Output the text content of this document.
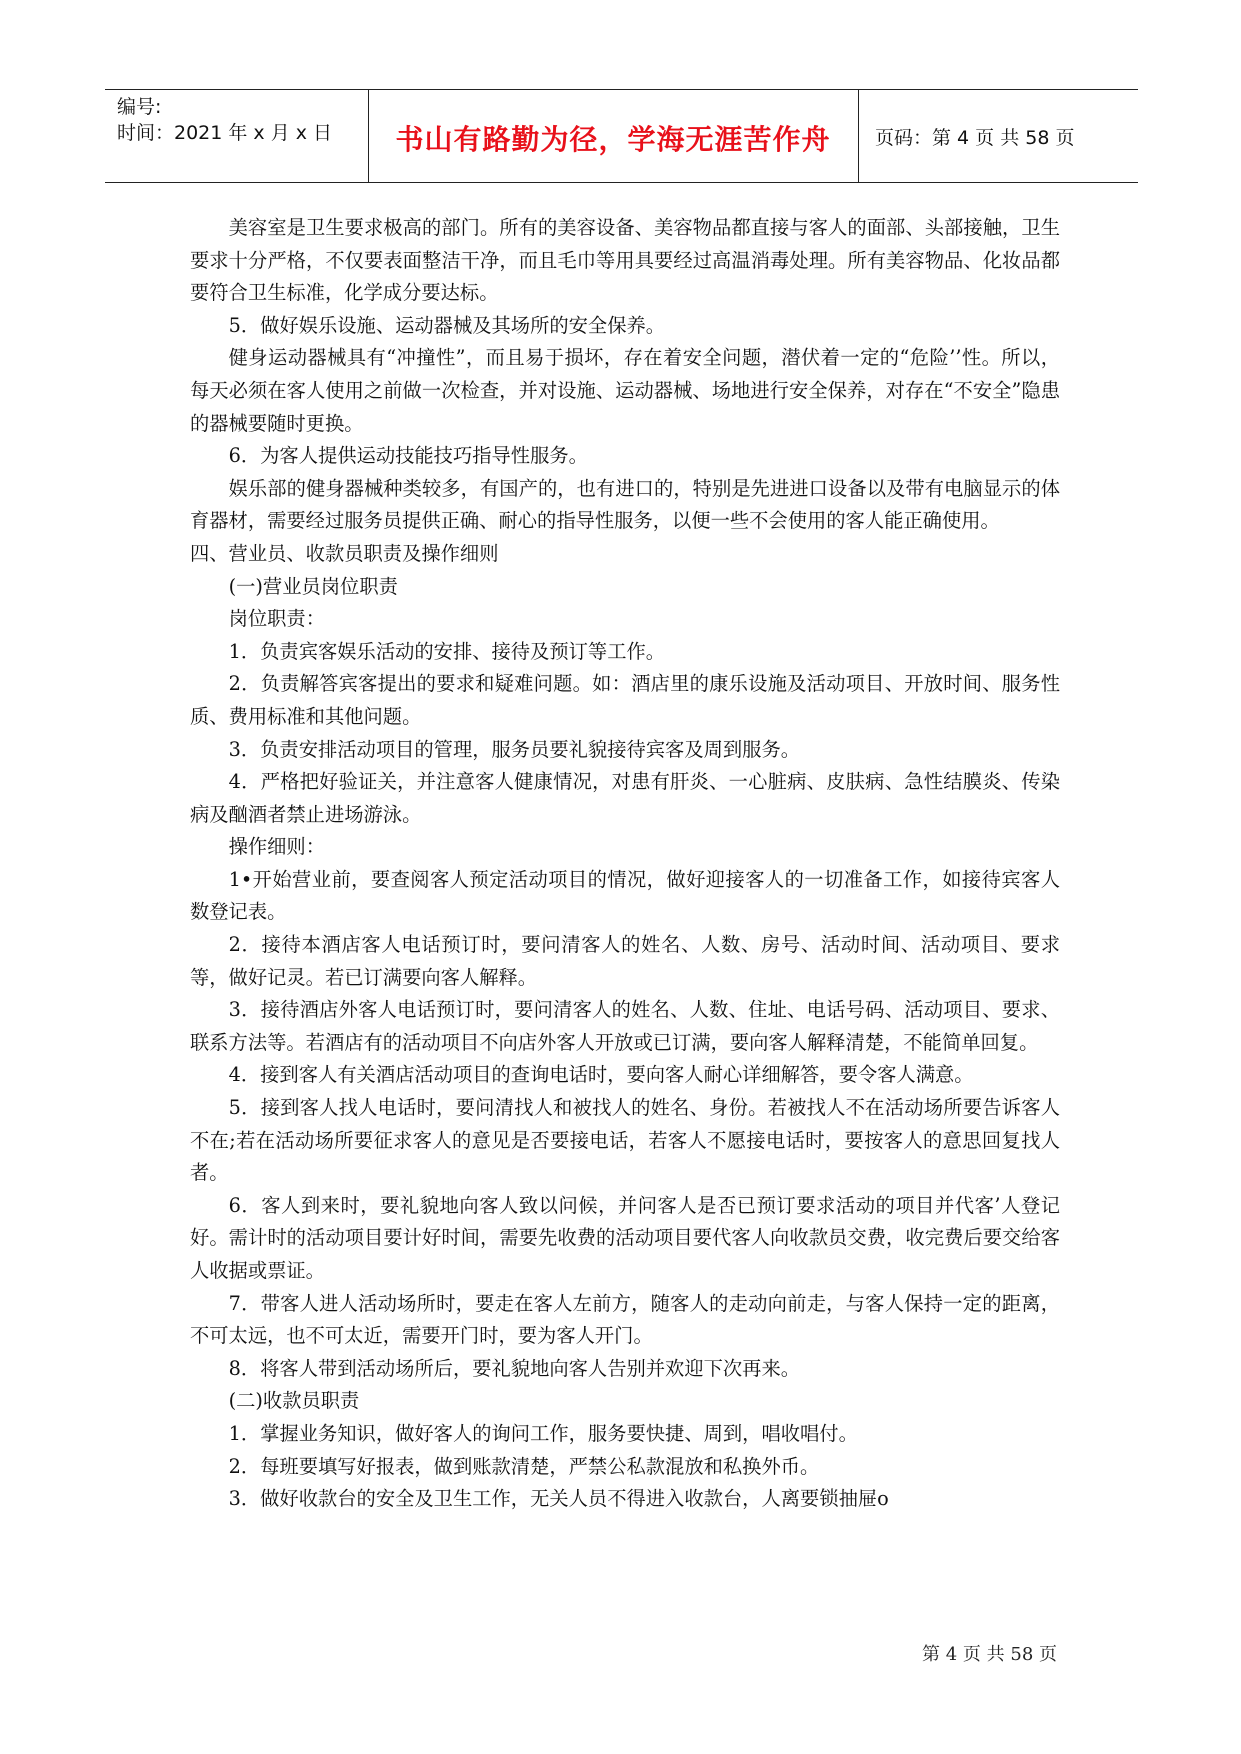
编号:
时间：2021 年 x 月 x 日	书山有路勤为径，学海无涯苦作舟	页码：第 4 页 共 58 页

美容室是卫生要求极高的部门。所有的美容设备、美容物品都直接与客人的面部、头部接触，卫生要求十分严格，不仅要表面整洁干净，而且毛巾等用具要经过高温消毒处理。所有美容物品、化妆品都要符合卫生标准，化学成分要达标。

5．做好娱乐设施、运动器械及其场所的安全保养。

健身运动器械具有“冲撞性”，而且易于损坏，存在着安全问题，潜伏着一定的“危险’’性。所以，每天必须在客人使用之前做一次检查，并对设施、运动器械、场地进行安全保养，对存在“不安全”隐患的器械要随时更换。

6．为客人提供运动技能技巧指导性服务。

娱乐部的健身器械种类较多，有国产的，也有进口的，特别是先进进口设备以及带有电脑显示的体育器材，需要经过服务员提供正确、耐心的指导性服务，以便一些不会使用的客人能正确使用。

四、营业员、收款员职责及操作细则

(一)营业员岗位职责

岗位职责：

1．负责宾客娱乐活动的安排、接待及预订等工作。

2．负责解答宾客提出的要求和疑难问题。如：酒店里的康乐设施及活动项目、开放时间、服务性质、费用标准和其他问题。

3．负责安排活动项目的管理，服务员要礼貌接待宾客及周到服务。

4．严格把好验证关，并注意客人健康情况，对患有肝炎、一心脏病、皮肤病、急性结膜炎、传染病及酗酒者禁止进场游泳。

操作细则：

1•开始营业前，要查阅客人预定活动项目的情况，做好迎接客人的一切准备工作，如接待宾客人数登记表。

2．接待本酒店客人电话预订时，要问清客人的姓名、人数、房号、活动时间、活动项目、要求等，做好记灵。若已订满要向客人解释。

3．接待酒店外客人电话预订时，要问清客人的姓名、人数、住址、电话号码、活动项目、要求、联系方法等。若酒店有的活动项目不向店外客人开放或已订满，要向客人解释清楚，不能简单回复。

4．接到客人有关酒店活动项目的查询电话时，要向客人耐心详细解答，要令客人满意。

5．接到客人找人电话时，要问清找人和被找人的姓名、身份。若被找人不在活动场所要告诉客人不在;若在活动场所要征求客人的意见是否要接电话，若客人不愿接电话时，要按客人的意思回复找人者。

6．客人到来时，要礼貌地向客人致以问候，并问客人是否已预订要求活动的项目并代客’人登记好。需计时的活动项目要计好时间，需要先收费的活动项目要代客人向收款员交费，收完费后要交给客人收据或票证。

7．带客人进人活动场所时，要走在客人左前方，随客人的走动向前走，与客人保持一定的距离，不可太远，也不可太近，需要开门时，要为客人开门。

8．将客人带到活动场所后，要礼貌地向客人告别并欢迎下次再来。

(二)收款员职责

1．掌握业务知识，做好客人的询问工作，服务要快捷、周到，唱收唱付。

2．每班要填写好报表，做到账款清楚，严禁公私款混放和私换外币。

3．做好收款台的安全及卫生工作，无关人员不得进入收款台，人离要锁抽屉o

第 4 页 共 58 页
